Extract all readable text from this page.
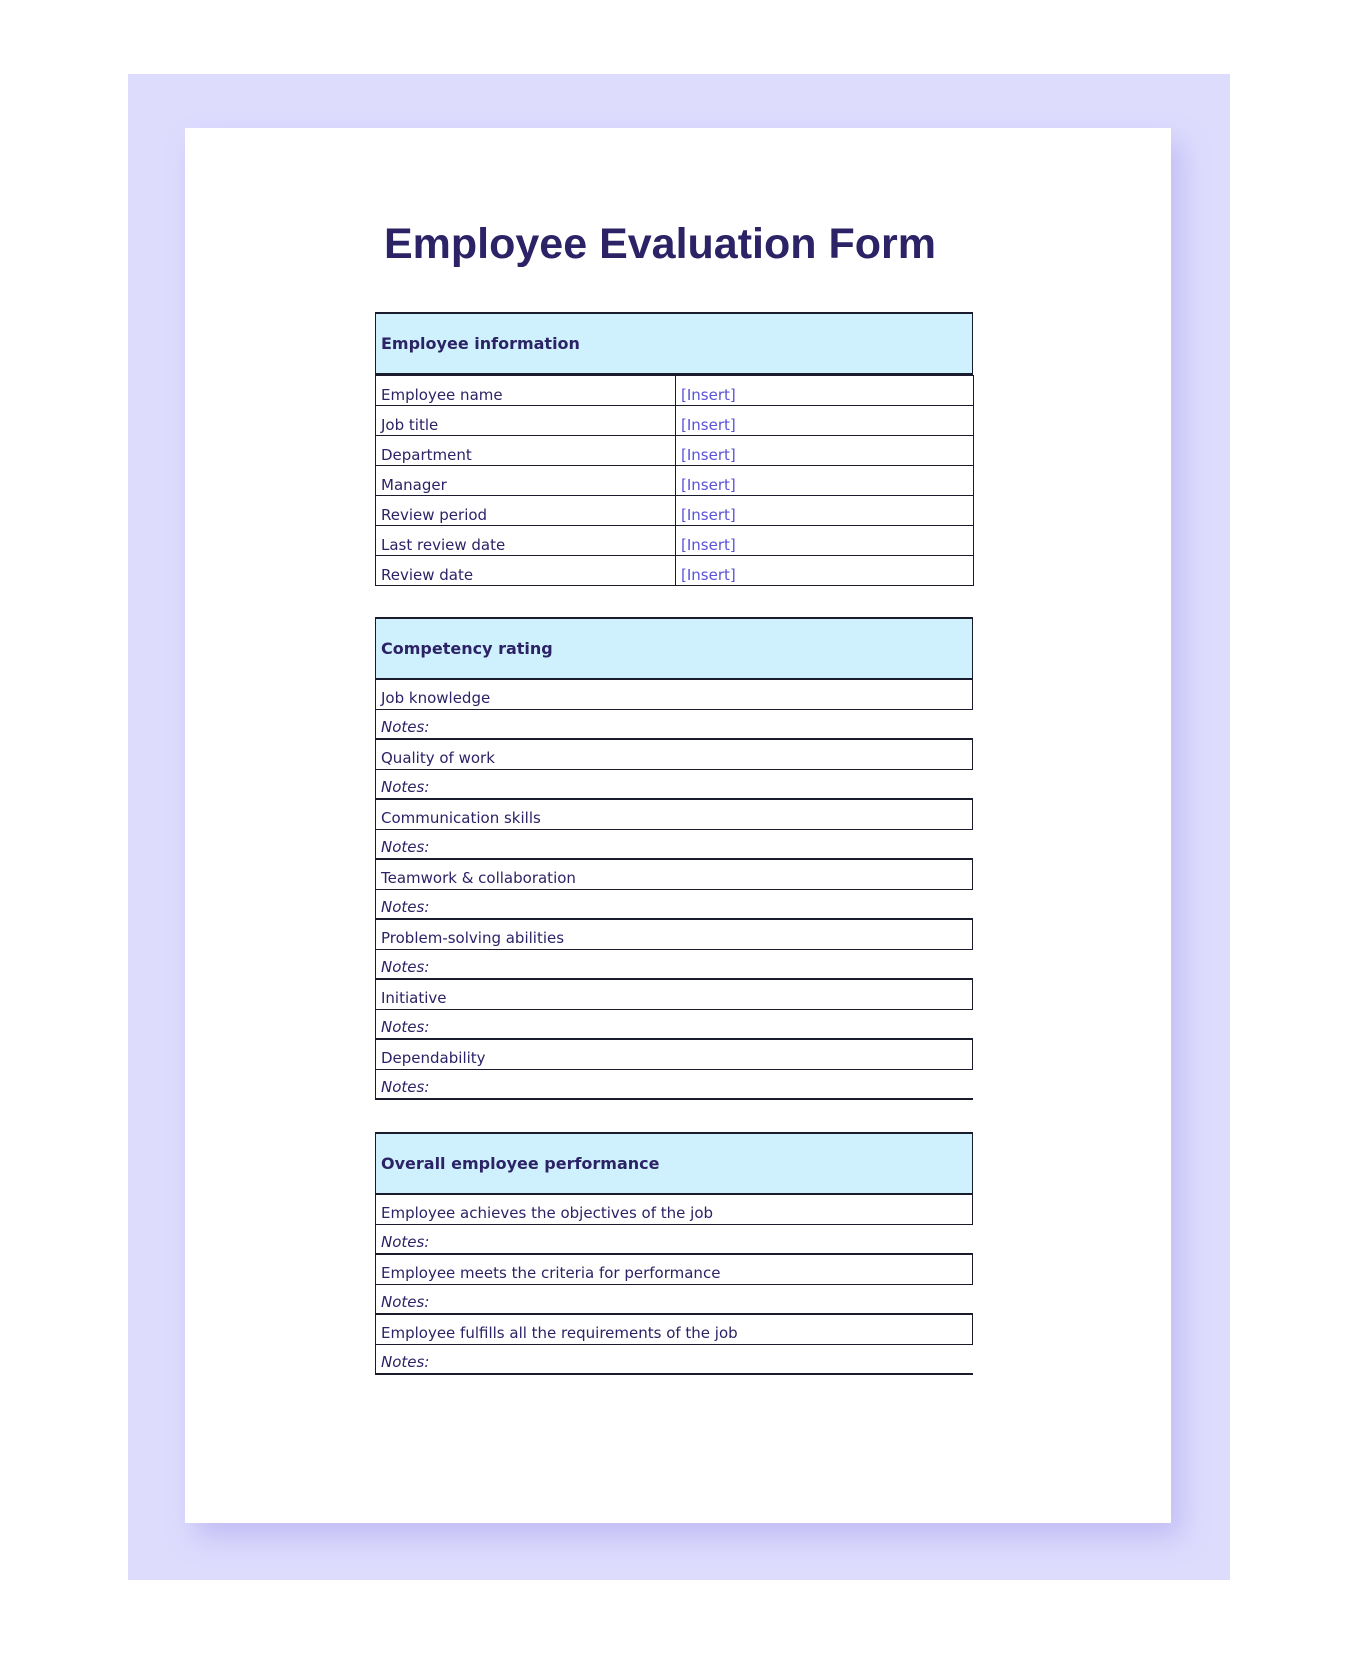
Employee Evaluation Form
Employee information
Employee name	[Insert]
Job title	[Insert]
Department	[Insert]
Manager	[Insert]
Review period	[Insert]
Last review date	[Insert]
Review date	[Insert]
Competency rating
Job knowledge
Notes:
Quality of work
Notes:
Communication skills
Notes:
Teamwork & collaboration
Notes:
Problem-solving abilities
Notes:
Initiative
Notes:
Dependability
Notes:
Overall employee performance
Employee achieves the objectives of the job
Notes:
Employee meets the criteria for performance
Notes:
Employee fulfills all the requirements of the job
Notes:
